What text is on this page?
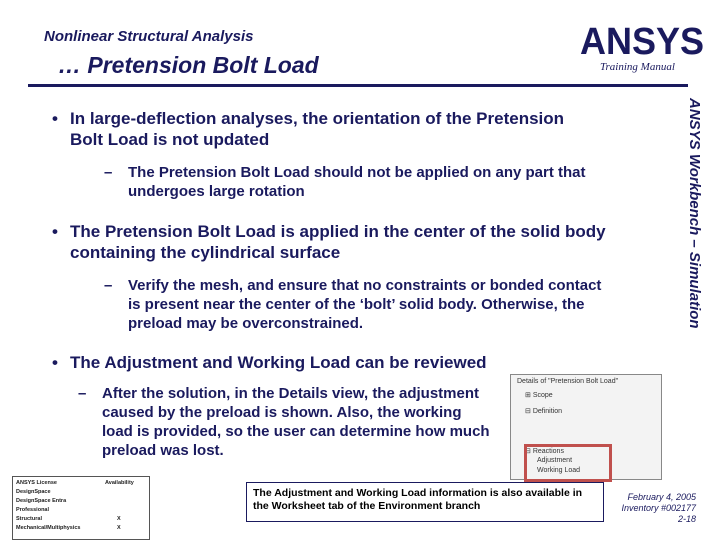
Nonlinear Structural Analysis
… Pretension Bolt Load
ANSYS
Training Manual
ANSYS Workbench – Simulation
• In large-deflection analyses, the orientation of the Pretension Bolt Load is not updated
– The Pretension Bolt Load should not be applied on any part that undergoes large rotation
• The Pretension Bolt Load is applied in the center of the solid body containing the cylindrical surface
– Verify the mesh, and ensure that no constraints or bonded contact is present near the center of the ‘bolt’ solid body. Otherwise, the preload may be overconstrained.
• The Adjustment and Working Load can be reviewed
– After the solution, in the Details view, the adjustment caused by the preload is shown. Also, the working load is provided, so the user can determine how much preload was lost.
Details of "Pretension Bolt Load"
⊞ Scope
⊟ Definition
⊟ Reactions
Adjustment
Working Load
ANSYS License	Availability
DesignSpace
DesignSpace Entra
Professional
Structural
Mechanical/Multiphysics
X
X
The Adjustment and Working Load information is also available in the Worksheet tab of the Environment branch
February 4, 2005
Inventory #002177
2-18
